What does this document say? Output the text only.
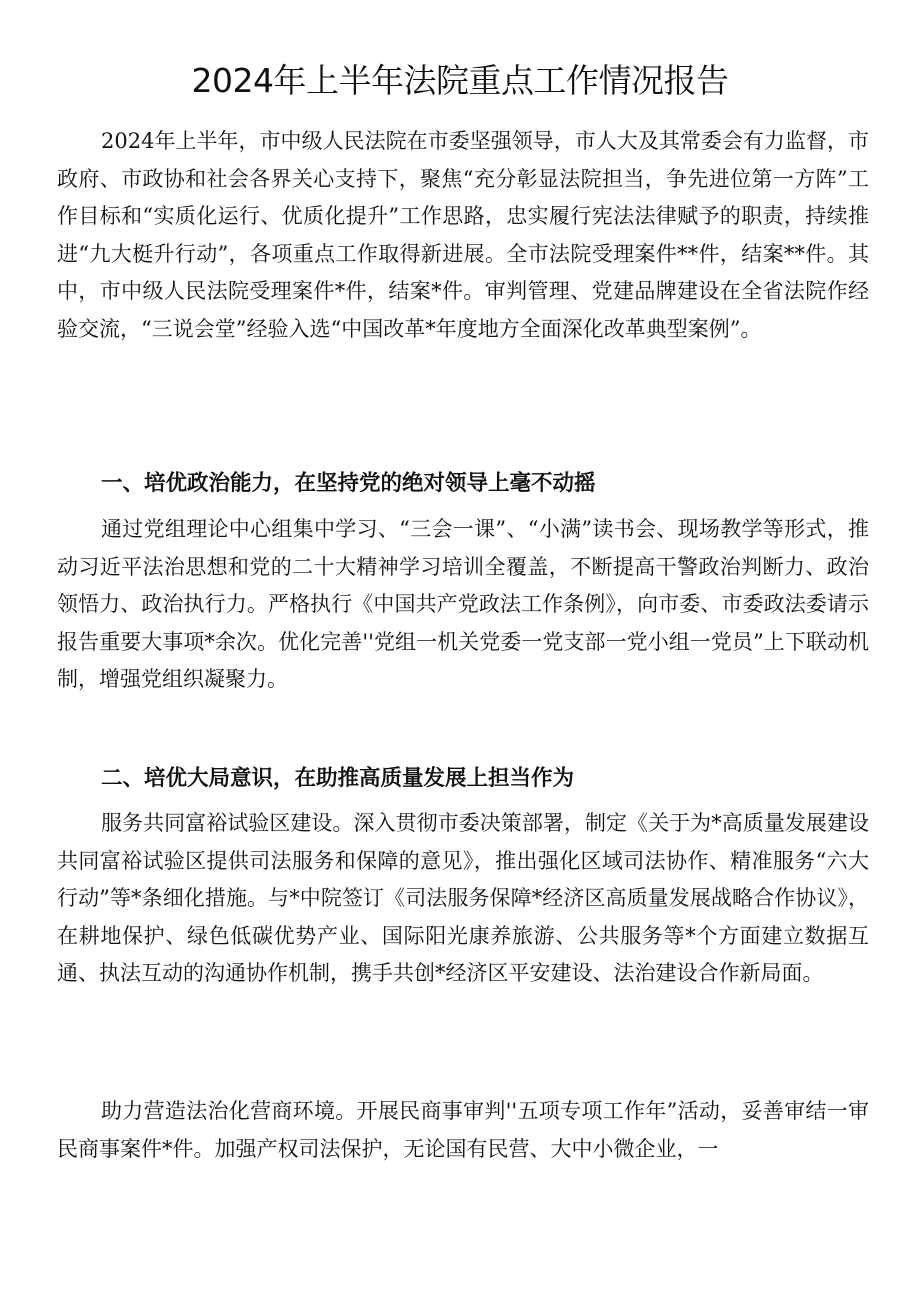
2024年上半年法院重点工作情况报告

2024年上半年，市中级人民法院在市委坚强领导，市人大及其常委会有力监督，市政府、市政协和社会各界关心支持下，聚焦“充分彰显法院担当，争先进位第一方阵”工作目标和“实质化运行、优质化提升”工作思路，忠实履行宪法法律赋予的职责，持续推进“九大梃升行动”，各项重点工作取得新进展。全市法院受理案件**件，结案**件。其中，市中级人民法院受理案件*件，结案*件。审判管理、党建品牌建设在全省法院作经验交流，“三说会堂”经验入选“中国改革*年度地方全面深化改革典型案例”。

一、培优政治能力，在坚持党的绝对领导上毫不动摇

通过党组理论中心组集中学习、“三会一课”、“小满”读书会、现场教学等形式，推动习近平法治思想和党的二十大精神学习培训全覆盖，不断提高干警政治判断力、政治领悟力、政治执行力。严格执行《中国共产党政法工作条例》，向市委、市委政法委请示报告重要大事项*余次。优化完善''党组一机关党委一党支部一党小组一党员”上下联动机制，增强党组织凝聚力。

二、培优大局意识，在助推高质量发展上担当作为

服务共同富裕试验区建设。深入贯彻市委决策部署，制定《关于为*高质量发展建设共同富裕试验区提供司法服务和保障的意见》，推出强化区域司法协作、精准服务“六大行动”等*条细化措施。与*中院签订《司法服务保障*经济区高质量发展战略合作协议》，在耕地保护、绿色低碳优势产业、国际阳光康养旅游、公共服务等*个方面建立数据互通、执法互动的沟通协作机制，携手共创*经济区平安建设、法治建设合作新局面。

助力营造法治化营商环境。开展民商事审判''五项专项工作年”活动，妥善审结一审民商事案件*件。加强产权司法保护，无论国有民营、大中小微企业，一
